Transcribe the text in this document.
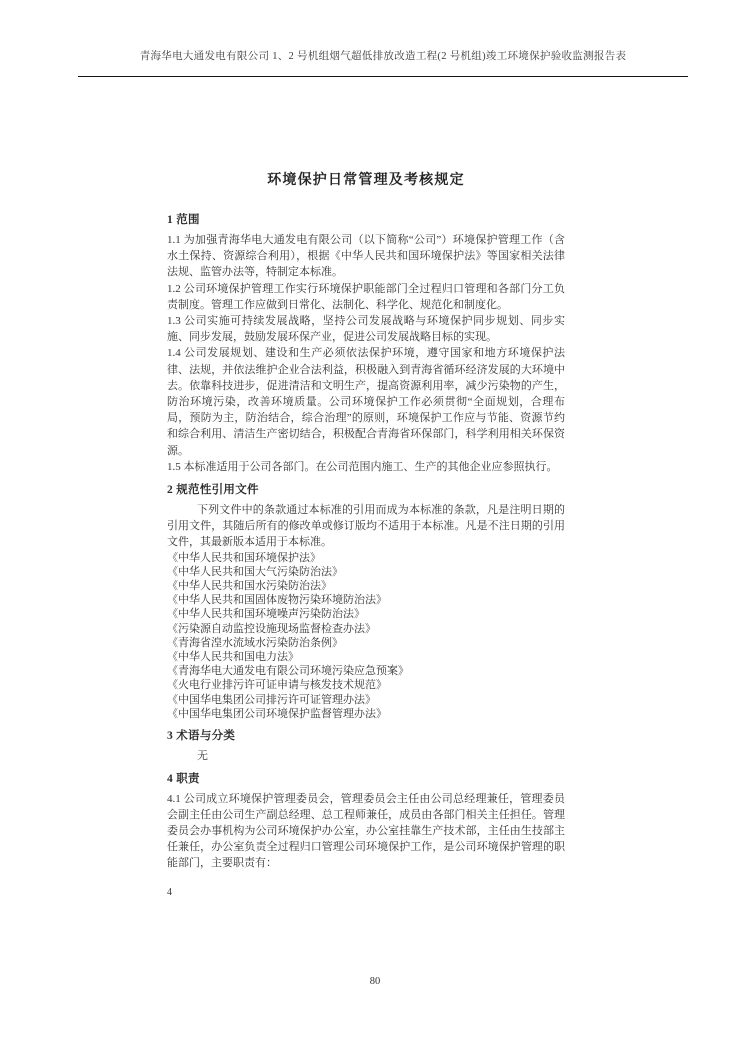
青海华电大通发电有限公司 1、2 号机组烟气超低排放改造工程(2 号机组)竣工环境保护验收监测报告表
环境保护日常管理及考核规定
1 范围

1.1 为加强青海华电大通发电有限公司（以下简称“公司”）环境保护管理工作（含水土保持、资源综合利用），根据《中华人民共和国环境保护法》等国家相关法律法规、监管办法等，特制定本标准。

1.2 公司环境保护管理工作实行环境保护职能部门全过程归口管理和各部门分工负责制度。管理工作应做到日常化、法制化、科学化、规范化和制度化。

1.3 公司实施可持续发展战略，坚持公司发展战略与环境保护同步规划、同步实施、同步发展，鼓励发展环保产业，促进公司发展战略目标的实现。

1.4 公司发展规划、建设和生产必须依法保护环境，遵守国家和地方环境保护法律、法规，并依法维护企业合法利益，积极融入到青海省循环经济发展的大环境中去。依靠科技进步，促进清洁和文明生产，提高资源利用率，减少污染物的产生，防治环境污染，改善环境质量。公司环境保护工作必须贯彻“全面规划，合理布局，预防为主，防治结合，综合治理”的原则，环境保护工作应与节能、资源节约和综合利用、清洁生产密切结合，积极配合青海省环保部门，科学利用相关环保资源。

1.5 本标准适用于公司各部门。在公司范围内施工、生产的其他企业应参照执行。

2 规范性引用文件

下列文件中的条款通过本标准的引用而成为本标准的条款，凡是注明日期的引用文件，其随后所有的修改单或修订版均不适用于本标准。凡是不注日期的引用文件，其最新版本适用于本标准。

《中华人民共和国环境保护法》
《中华人民共和国大气污染防治法》
《中华人民共和国水污染防治法》
《中华人民共和国固体废物污染环境防治法》
《中华人民共和国环境噪声污染防治法》
《污染源自动监控设施现场监督检查办法》
《青海省湟水流域水污染防治条例》
《中华人民共和国电力法》
《青海华电大通发电有限公司环境污染应急预案》
《火电行业排污许可证申请与核发技术规范》
《中国华电集团公司排污许可证管理办法》
《中国华电集团公司环境保护监督管理办法》
3 术语与分类

无

4 职责

4.1 公司成立环境保护管理委员会，管理委员会主任由公司总经理兼任，管理委员会副主任由公司生产副总经理、总工程师兼任，成员由各部门相关主任担任。管理委员会办事机构为公司环境保护办公室，办公室挂靠生产技术部，主任由生技部主任兼任，办公室负责全过程归口管理公司环境保护工作，是公司环境保护管理的职能部门，主要职责有：

4
80
